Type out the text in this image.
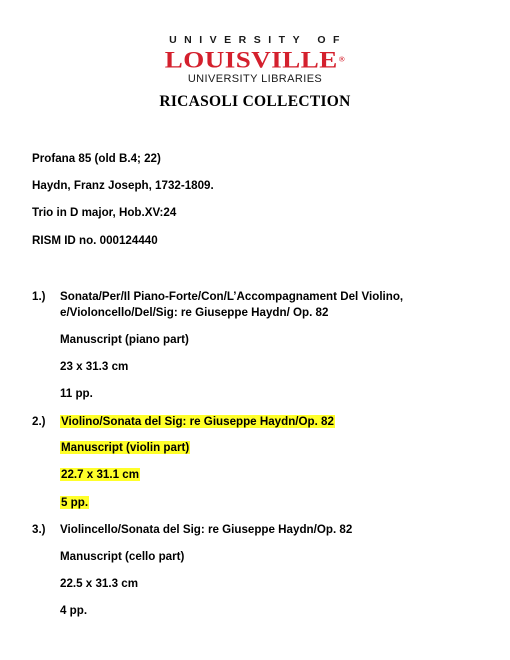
UNIVERSITY OF
LOUISVILLE®
UNIVERSITY LIBRARIES
RICASOLI COLLECTION
Profana 85 (old B.4; 22)
Haydn, Franz Joseph, 1732-1809.
Trio in D major, Hob.XV:24
RISM ID no. 000124440
1.) Sonata/Per/Il Piano-Forte/Con/L’Accompagnament Del Violino,
e/Violoncello/Del/Sig: re Giuseppe Haydn/ Op. 82
Manuscript (piano part)
23 x 31.3 cm
11 pp.
2.) Violino/Sonata del Sig: re Giuseppe Haydn/Op. 82
Manuscript (violin part)
22.7 x 31.1 cm
5 pp.
3.) Violincello/Sonata del Sig: re Giuseppe Haydn/Op. 82
Manuscript (cello part)
22.5 x 31.3 cm
4 pp.
